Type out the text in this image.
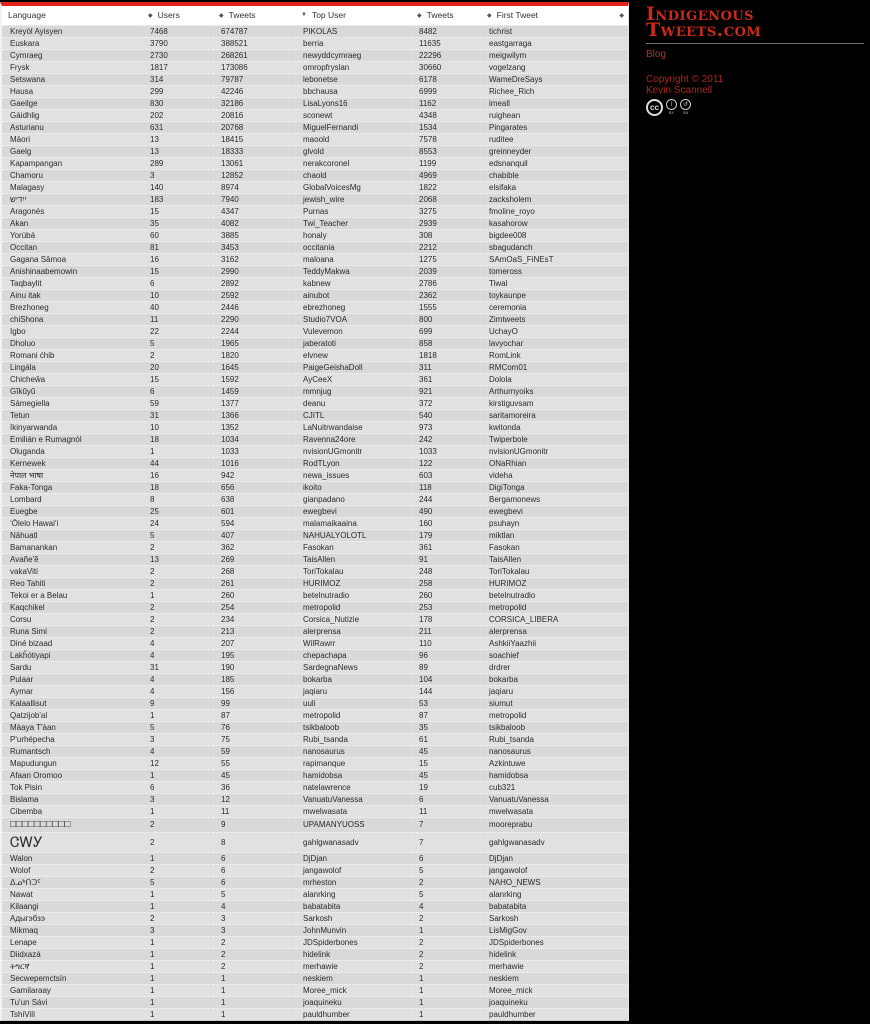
Language	◆ Users	◆ Tweets	▼ Top User	◆ Tweets	◆ First Tweet ◆

Kreyòl Ayisyen	7468	674787	PIKOLAS	8482	tichrist
Euskara	3790	388521	berria	11635	eastgarraga
Cymraeg	2730	268261	newyddcymraeg	22296	meigwilym
Frysk	1817	173086	omropfryslan	30660	vogelzang
Setswana	314	79787	lebonetse	6178	WameDreSays
Hausa	299	42246	bbchausa	6999	Richee_Rich
Gaeilge	830	32186	LisaLyons16	1162	imeall
Gàidhlig	202	20816	sconewt	4348	ruighean
Asturianu	631	20768	MiguelFernandi	1534	Pingarates
Māori	13	18415	maoold	7578	ruditee
Gaelg	13	18333	glvold	8553	greinneyder
Kapampangan	289	13061	nerakcoronel	1199	edsnanquil
Chamoru	3	12852	chaold	4969	chabible
Malagasy	140	8974	GlobalVoicesMg	1822	elsifaka
ייִדיש	183	7940	jewish_wire	2068	zacksholem
Aragonés	15	4347	Purnas	3275	fmoline_royo
Akan	35	4082	Twi_Teacher	2939	kasahorow
Yorùbá	60	3885	honaly	308	bigdee008
Occitan	81	3453	occitania	2212	sbagudanch
Gagana Sāmoa	16	3162	maloana	1275	SAmOaS_FiNEsT
Anishinaabemowin	15	2990	TeddyMakwa	2039	tomeross
Taqbaylit	6	2892	kabnew	2786	Tiwal
Ainu itak	10	2592	ainubot	2362	toykaunpe
Brezhoneg	40	2446	ebrezhoneg	1555	ceremonia
chiShona	11	2290	Studio7VOA	800	Zimtweets
Igbo	22	2244	Vulevemon	699	UchayO
Dholuo	5	1965	jaberatoti	858	lavyochar
Romani ćhib	2	1820	elvnew	1818	RomLink
Lingála	20	1645	PaigeGeishaDoll	311	RMCom01
Chicheŵa	15	1592	AyCeeX	361	Dolola
Gĩkũyũ	6	1459	mmnjug	921	Arthurnyoiks
Sámegiella	59	1377	deanu	372	kirstiguvsam
Tetun	31	1366	CJITL	540	saritamoreira
Ikinyarwanda	10	1352	LaNuitrwandaise	973	kwitonda
Emilián e Rumagnòl	18	1034	Ravenna24ore	242	Twiperbole
Oluganda	1	1033	nvisionUGmonitr	1033	nvisionUGmonitr
Kernewek	44	1016	RodTLyon	122	ONaRhian
नेपाल भाषा	16	942	newa_issues	603	videha
Faka-Tonga	18	656	ikoito	118	DigiTonga
Lombard	8	638	gianpadano	244	Bergamonews
Euegbe	25	601	ewegbevi	490	ewegbevi
ʻŌlelo Hawaiʻi	24	594	malamaikaaina	160	psuhayn
Nāhuatl	5	407	NAHUALYOLOTL	179	miktlan
Bamanankan	2	362	Fasokan	361	Fasokan
Avañe'ẽ	13	269	TaisAllen	91	TaisAllen
vakaViti	2	268	ToriTokalau	248	ToriTokalau
Reo Tahiti	2	261	HURIMOZ	258	HURIMOZ
Tekoi er a Belau	1	260	betelnutradio	260	betelnutradio
Kaqchikel	2	254	metropolid	253	metropolid
Corsu	2	234	Corsica_Nutizie	178	CORSICA_LIBERA
Runa Simi	2	213	alerprensa	211	alerprensa
Diné bizaad	4	207	WilRawrr	110	AshkiiYaazhii
Lakȟótiyapi	4	195	chepachapa	96	soachief
Sardu	31	190	SardegnaNews	89	drdrer
Pulaar	4	185	bokarba	104	bokarba
Aymar	4	156	jaqiaru	144	jaqiaru
Kalaallisut	9	99	uuli	53	siumut
Qatzijob'al	1	87	metropolid	87	metropolid
Màaya T'àan	5	76	tsikbaloob	35	tsikbaloob
P'urhépecha	3	75	Rubi_tsanda	61	Rubi_tsanda
Rumantsch	4	59	nanosaurus	45	nanosaurus
Mapudungun	12	55	rapimanque	15	Azkintuwe
Afaan Oromoo	1	45	hamidobsa	45	hamidobsa
Tok Pisin	6	36	natelawrence	19	cub321
Bislama	3	12	VanuatuVanessa	6	VanuatuVanessa
Cibemba	1	11	mwelwasata	11	mwelwasata
□□□□□□□□□□	2	9	UPAMANYUOSS	7	mooreprabu
ᏣᎳᎩ	2	8	gahlgwanasadv	7	gahlgwanasadv
Walon	1	6	DjDjan	6	DjDjan
Wolof	2	6	jangawolof	5	jangawolof
ᐃᓄᒃᑎᑐᑦ	5	6	mrheston	2	NAHO_NEWS
Nawat	1	5	alanrking	5	alanrking
Kilaangi	1	4	babatabita	4	babatabita
Адыгэбзэ	2	3	Sarkosh	2	Sarkosh
Mikmaq	3	3	JohnMunvin	1	LisMigGov
Lenape	1	2	JDSpiderbones	2	JDSpiderbones
Diidxazá	1	2	hidelink	2	hidelink
ትግርኛ	1	2	merhawie	2	merhawie
Secwepemctsín	1	1	neskiem	1	neskiem
Gamilaraay	1	1	Moree_mick	1	Moree_mick
Tu'un Sávi	1	1	joaquineku	1	joaquineku
TshiVilì	1	1	pauldhumber	1	pauldhumber
Indigenous Tweets.com
Blog
Copyright © 2011
Kevin Scannell
cc	i
BY
↺
SA
